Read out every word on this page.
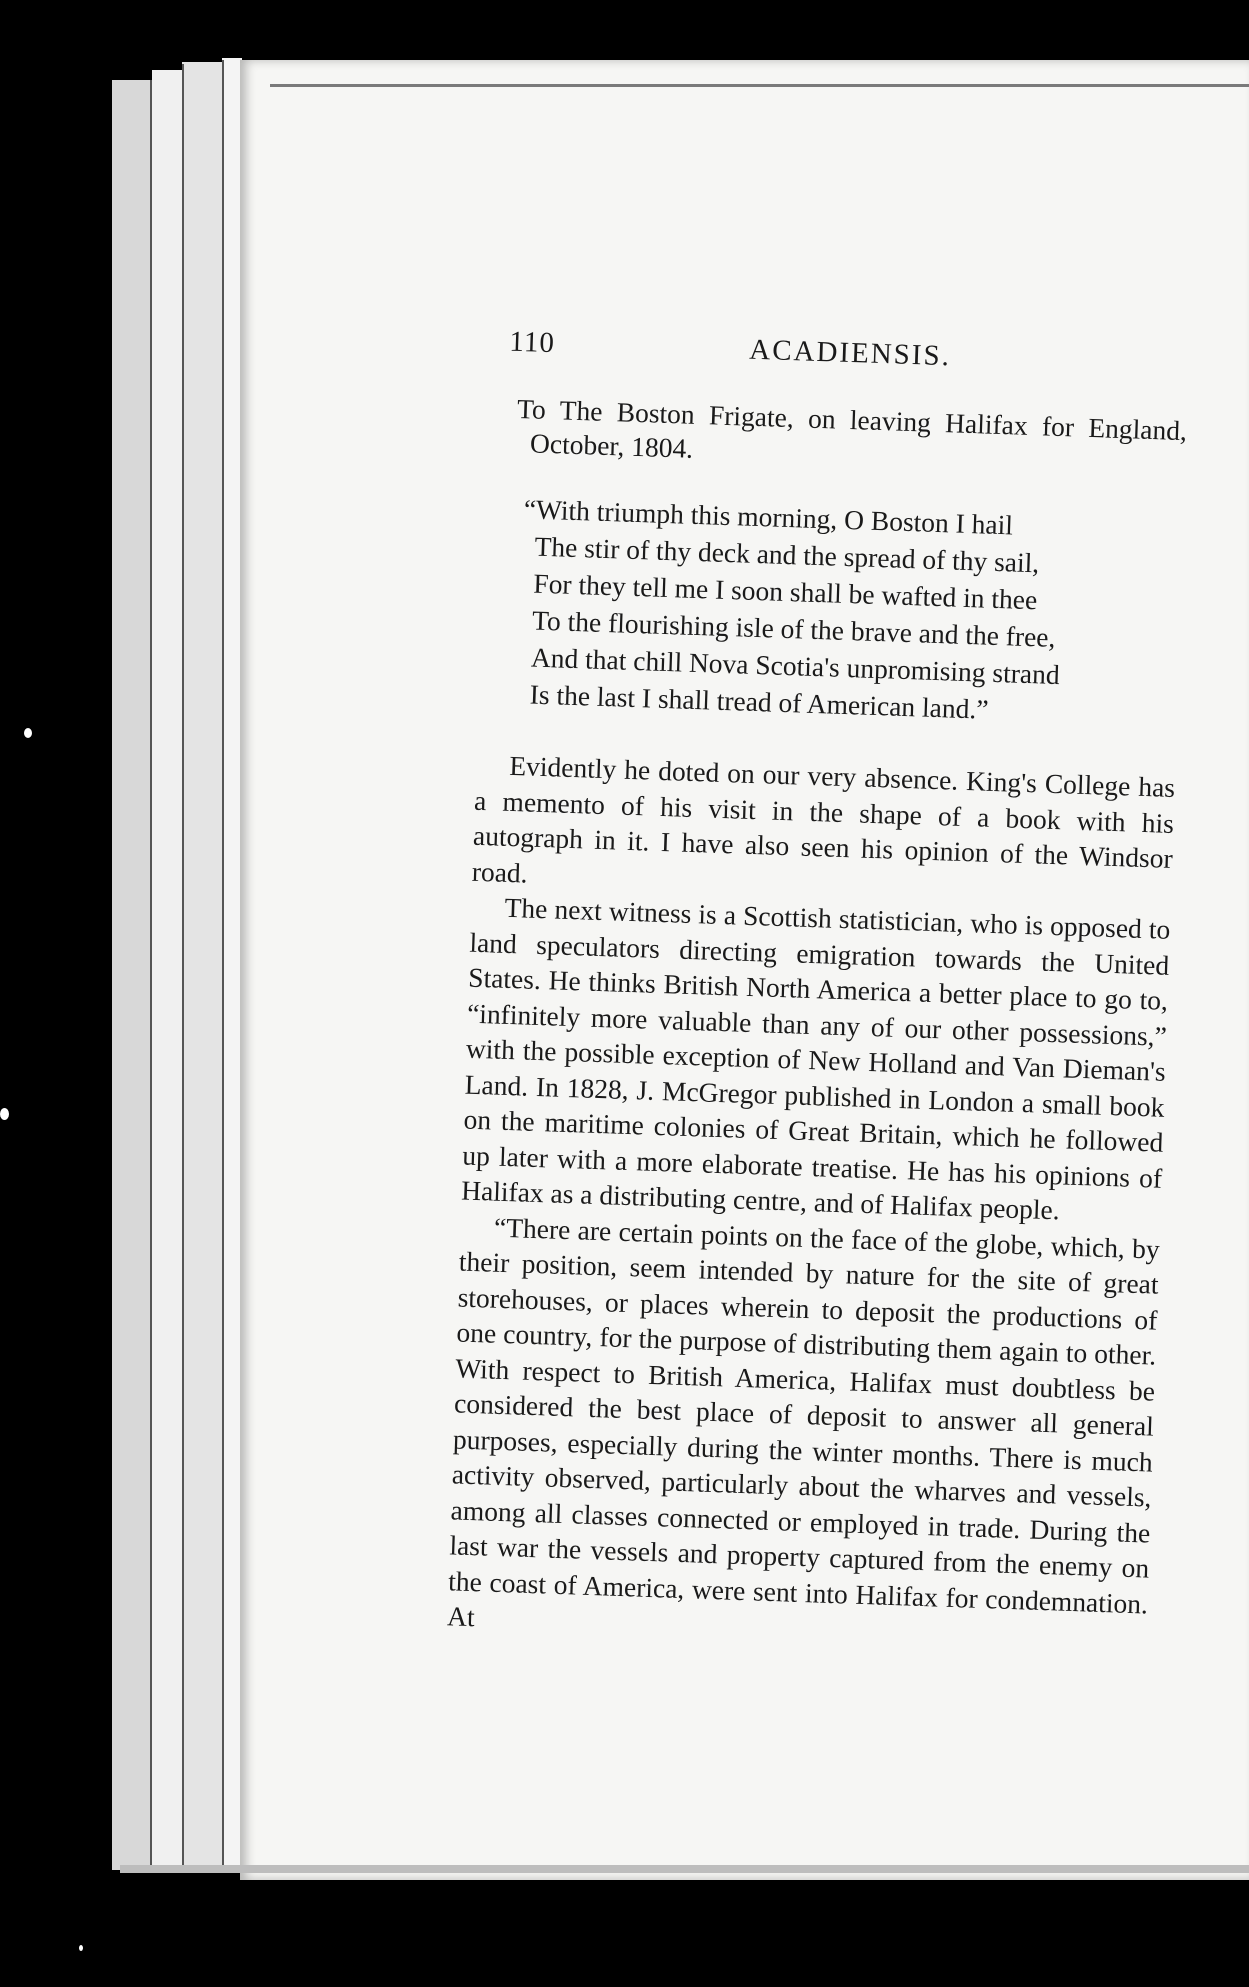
110	ACADIENSIS.

To The Boston Frigate, on leaving Halifax for England, October, 1804.

“With triumph this morning, O Boston I hail
The stir of thy deck and the spread of thy sail,
For they tell me I soon shall be wafted in thee
To the flourishing isle of the brave and the free,
And that chill Nova Scotia's unpromising strand
Is the last I shall tread of American land.”

Evidently he doted on our very absence. King's College has a memento of his visit in the shape of a book with his autograph in it. I have also seen his opinion of the Windsor road.

The next witness is a Scottish statistician, who is opposed to land speculators directing emigration towards the United States. He thinks British North America a better place to go to, “infinitely more valuable than any of our other possessions,” with the possible exception of New Holland and Van Dieman's Land. In 1828, J. McGregor published in London a small book on the maritime colonies of Great Britain, which he followed up later with a more elaborate treatise. He has his opinions of Halifax as a distributing centre, and of Halifax people.

“There are certain points on the face of the globe, which, by their position, seem intended by nature for the site of great storehouses, or places wherein to deposit the productions of one country, for the purpose of distributing them again to other. With respect to British America, Halifax must doubtless be considered the best place of deposit to answer all general purposes, especially during the winter months. There is much activity observed, particularly about the wharves and vessels, among all classes connected or employed in trade. During the last war the vessels and property captured from the enemy on the coast of America, were sent into Halifax for condemnation. At
